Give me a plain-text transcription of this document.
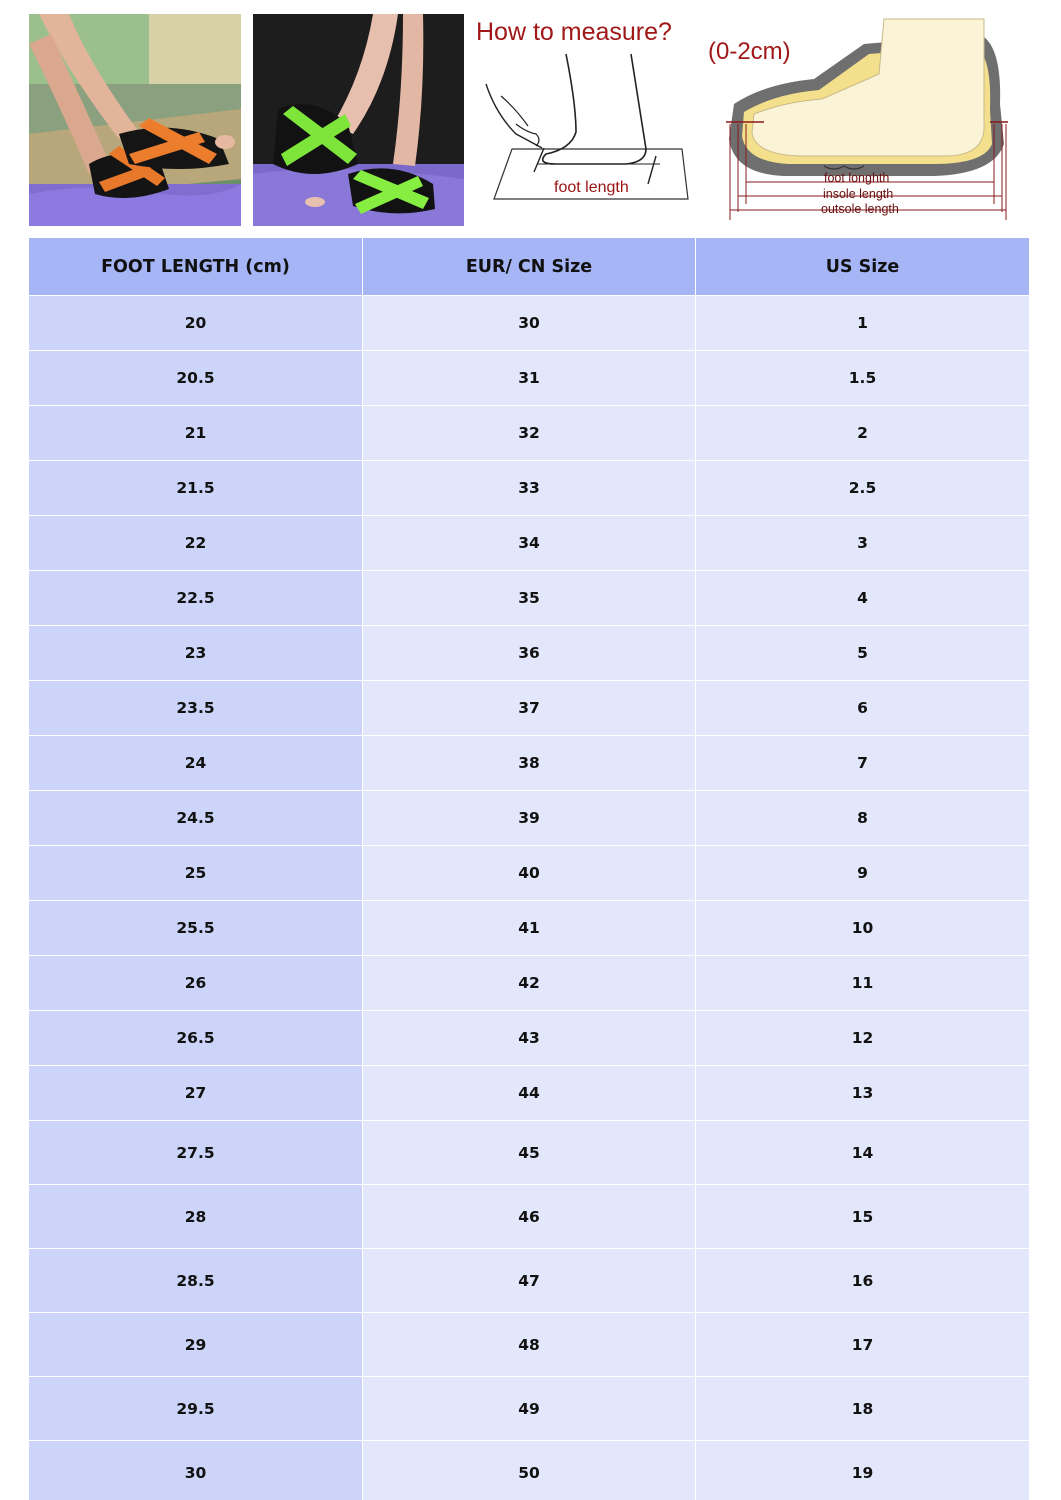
How to measure?
foot length
(0-2cm)
foot longhth
insole length
outsole length
FOOT LENGTH (cm)	EUR/ CN Size	US Size
20	30	1
20.5	31	1.5
21	32	2
21.5	33	2.5
22	34	3
22.5	35	4
23	36	5
23.5	37	6
24	38	7
24.5	39	8
25	40	9
25.5	41	10
26	42	11
26.5	43	12
27	44	13
27.5	45	14
28	46	15
28.5	47	16
29	48	17
29.5	49	18
30	50	19
